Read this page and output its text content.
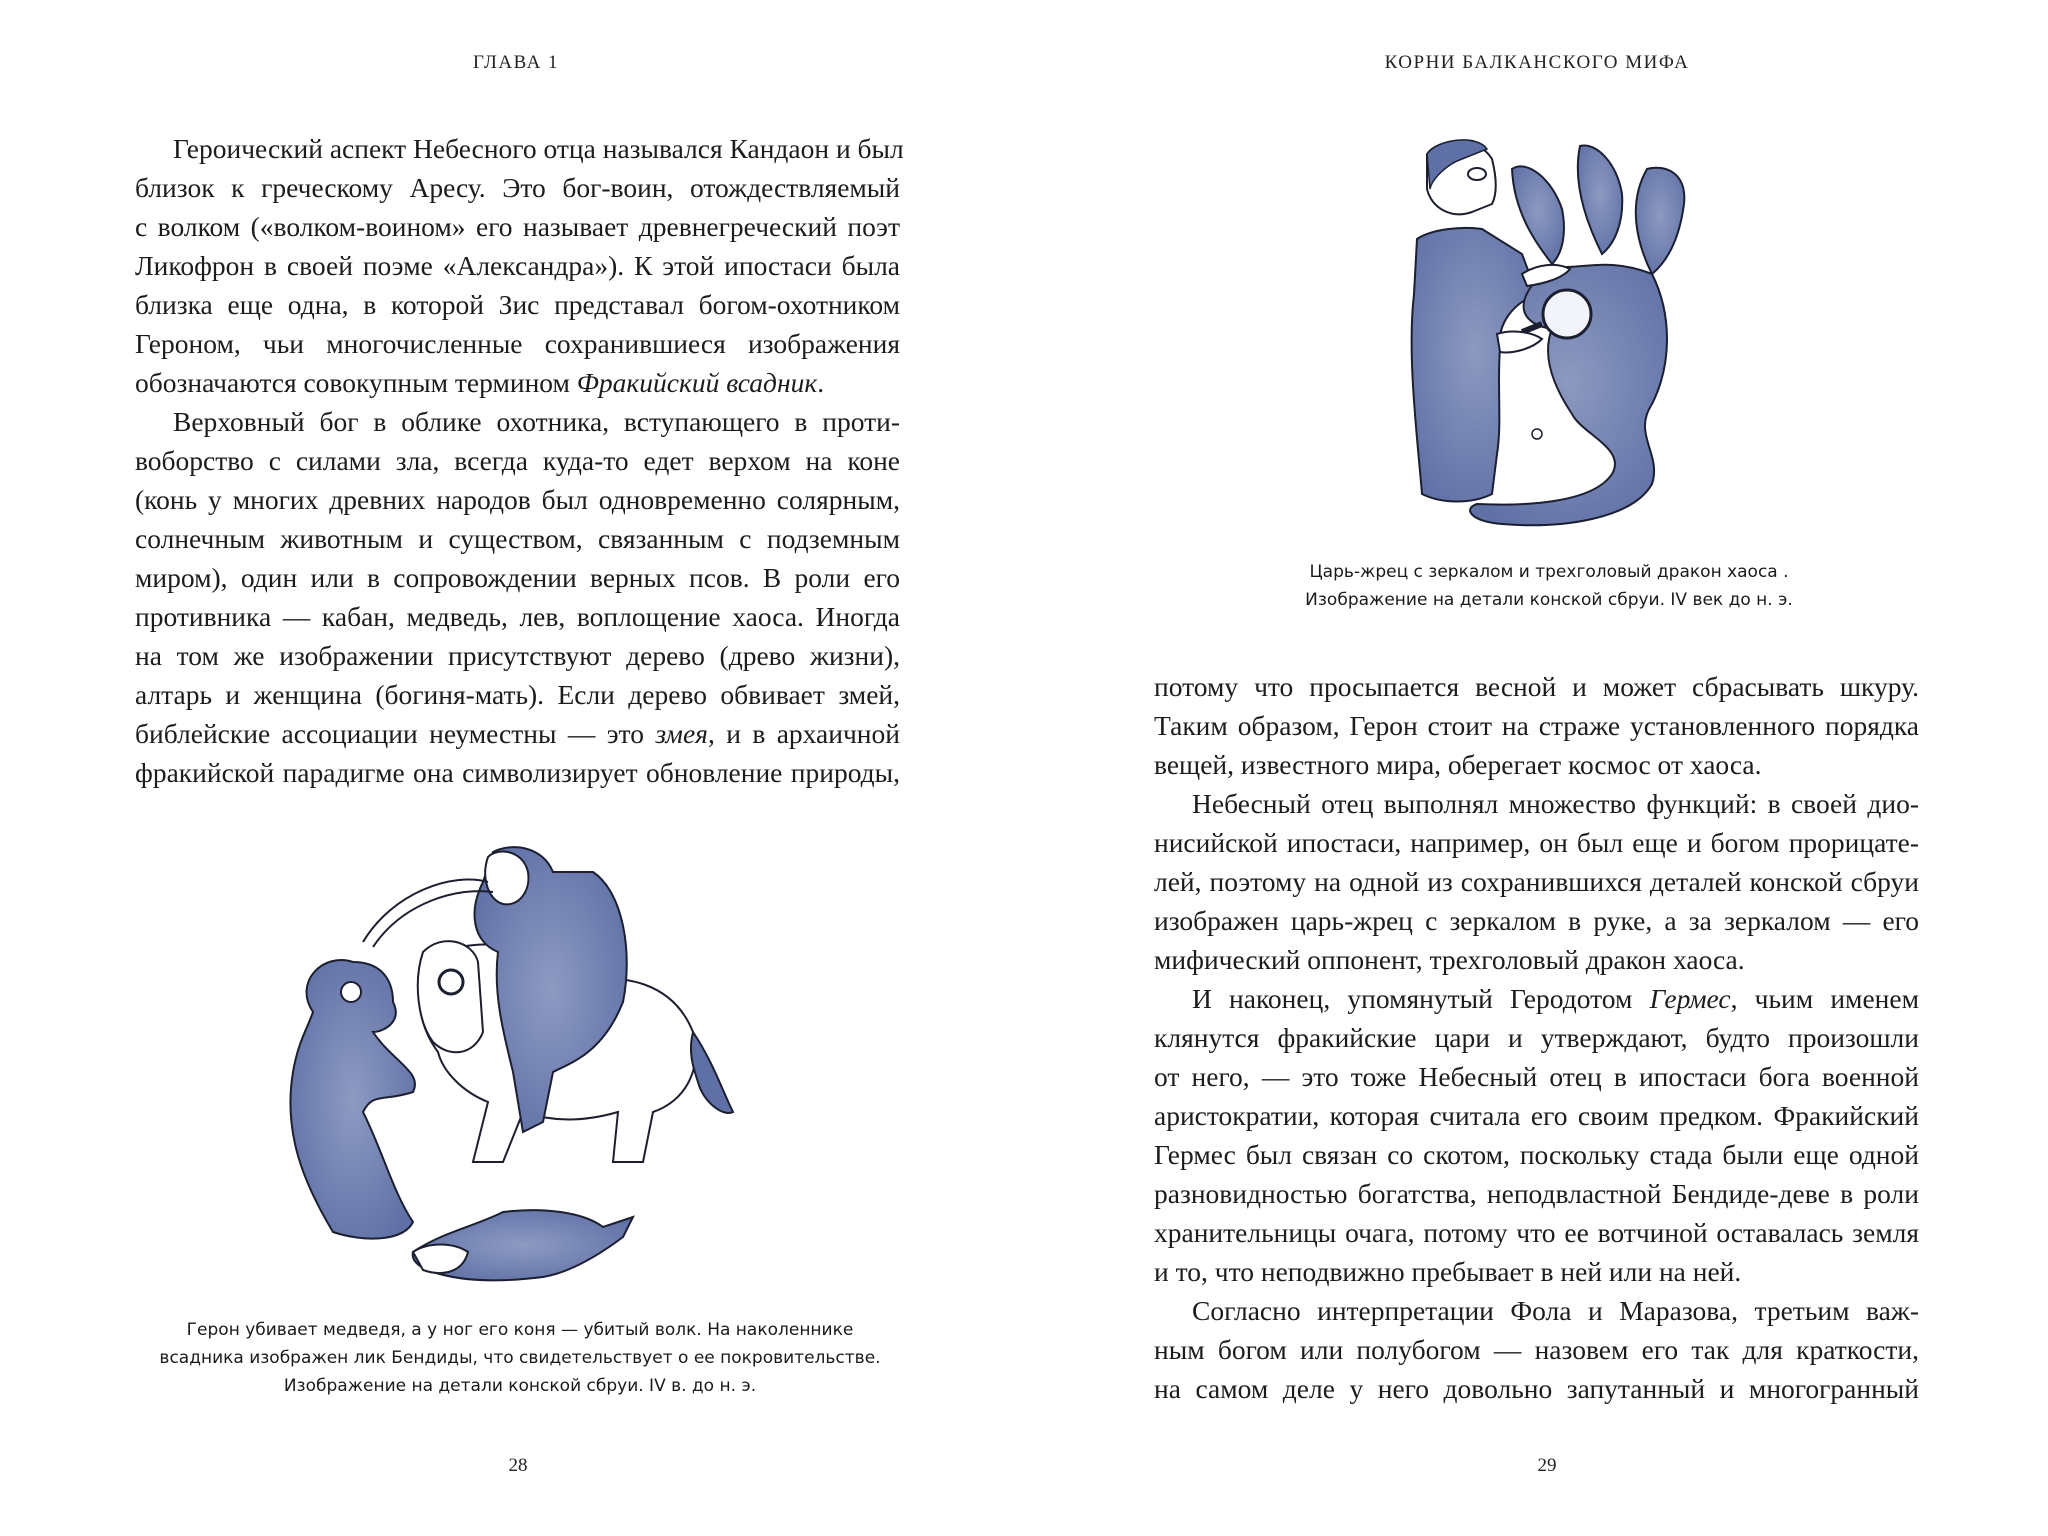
ГЛАВА 1
Героический аспект Небесного отца назывался Кандаон и был
близок к греческому Аресу. Это бог-воин, отождествляемый
с волком («волком-воином» его называет древнегреческий поэт
Ликофрон в своей поэме «Александра»). К этой ипостаси была
близка еще одна, в которой Зис представал богом-охотником
Героном, чьи многочисленные сохранившиеся изображения
обозначаются совокупным термином Фракийский всадник.
Верховный бог в облике охотника, вступающего в проти-
воборство с силами зла, всегда куда-то едет верхом на коне
(конь у многих древних народов был одновременно солярным,
солнечным животным и существом, связанным с подземным
миром), один или в сопровождении верных псов. В роли его
противника — кабан, медведь, лев, воплощение хаоса. Иногда
на том же изображении присутствуют дерево (древо жизни),
алтарь и женщина (богиня-мать). Если дерево обвивает змей,
библейские ассоциации неуместны — это змея, и в архаичной
фракийской парадигме она символизирует обновление природы,
Герон убивает медведя, а у ног его коня — убитый волк. На наколеннике
всадника изображен лик Бендиды, что свидетельствует о ее покровительстве.
Изображение на детали конской сбруи. IV в. до н. э.
28
КОРНИ БАЛКАНСКОГО МИФА
Царь-жрец с зеркалом и трехголовый дракон хаоса .
Изображение на детали конской сбруи. IV век до н. э.
потому что просыпается весной и может сбрасывать шкуру.
Таким образом, Герон стоит на страже установленного порядка
вещей, известного мира, оберегает космос от хаоса.
Небесный отец выполнял множество функций: в своей дио-
нисийской ипостаси, например, он был еще и богом прорицате-
лей, поэтому на одной из сохранившихся деталей конской сбруи
изображен царь-жрец с зеркалом в руке, а за зеркалом — его
мифический оппонент, трехголовый дракон хаоса.
И наконец, упомянутый Геродотом Гермес, чьим именем
клянутся фракийские цари и утверждают, будто произошли
от него, — это тоже Небесный отец в ипостаси бога военной
аристократии, которая считала его своим предком. Фракийский
Гермес был связан со скотом, поскольку стада были еще одной
разновидностью богатства, неподвластной Бендиде-деве в роли
хранительницы очага, потому что ее вотчиной оставалась земля
и то, что неподвижно пребывает в ней или на ней.
Согласно интерпретации Фола и Маразова, третьим важ-
ным богом или полубогом — назовем его так для краткости,
на самом деле у него довольно запутанный и многогранный
29
